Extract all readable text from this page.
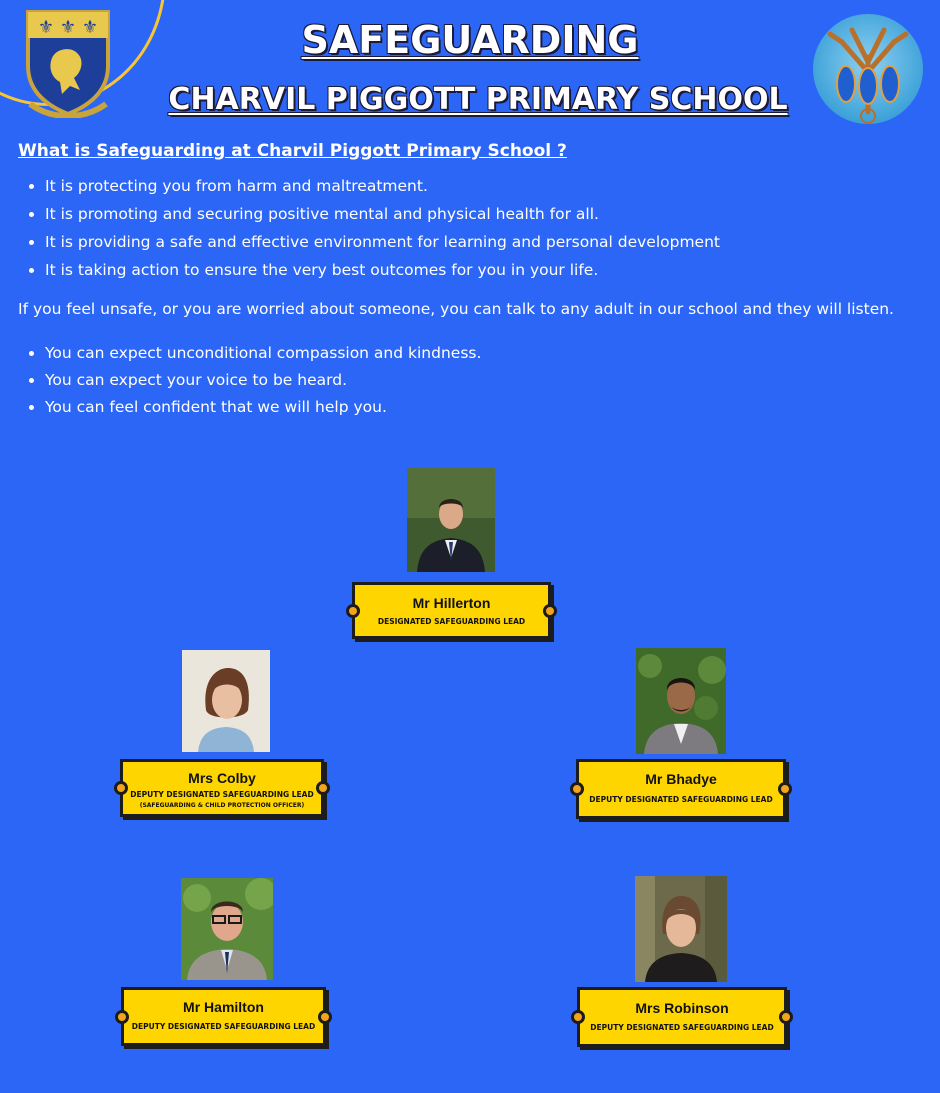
⚜ ⚜ ⚜	SAFEGUARDING
CHARVIL PIGGOTT PRIMARY SCHOOL
What is Safeguarding at Charvil Piggott Primary School ?
• It is protecting you from harm and maltreatment.
• It is promoting and securing positive mental and physical health for all.
• It is providing a safe and effective environment for learning and personal development
• It is taking action to ensure the very best outcomes for you in your life.

If you feel unsafe, or you are worried about someone, you can talk to any adult in our school and they will listen.

• You can expect unconditional compassion and kindness.
• You can expect your voice to be heard.
• You can feel confident that we will help you.
Mr Hillerton
DESIGNATED SAFEGUARDING LEAD
Mrs Colby
DEPUTY DESIGNATED SAFEGUARDING LEAD
(SAFEGUARDING & CHILD PROTECTION OFFICER)
Mr Bhadye
DEPUTY DESIGNATED SAFEGUARDING LEAD
Mr Hamilton
DEPUTY DESIGNATED SAFEGUARDING LEAD
Mrs Robinson
DEPUTY DESIGNATED SAFEGUARDING LEAD
